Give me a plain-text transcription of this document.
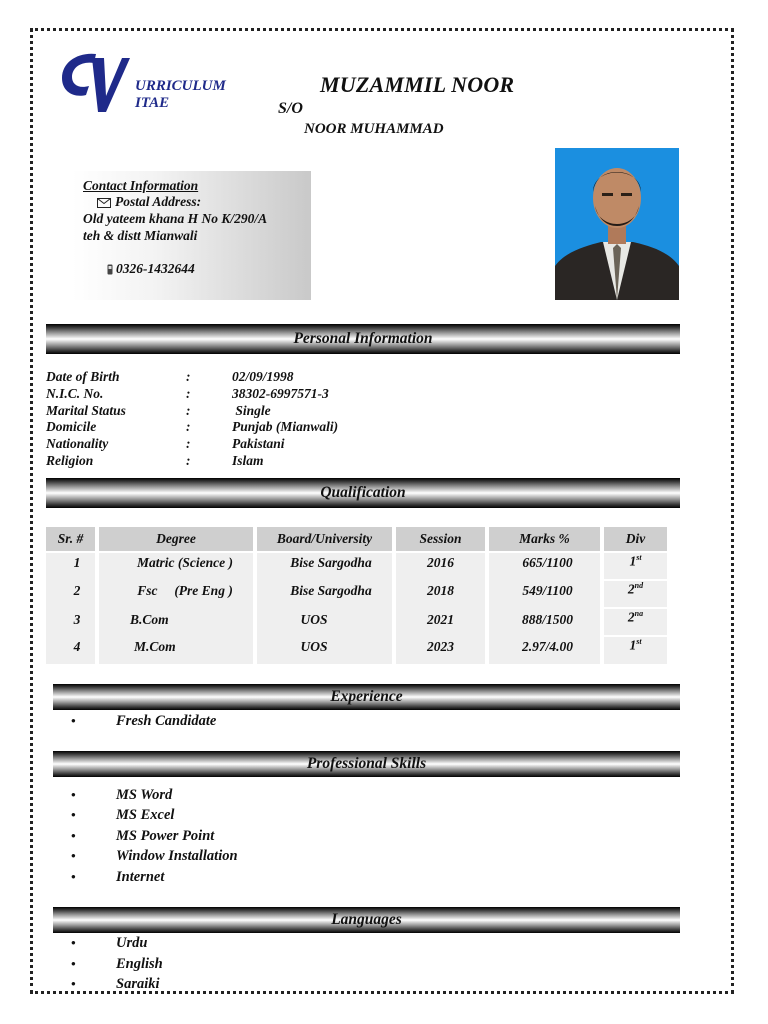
URRICULUM
ITAE
MUZAMMIL NOOR
S/O
NOOR MUHAMMAD
Contact Information
Postal Address:
Old yateem khana H No K/290/A
teh & distt Mianwali
0326-1432644
Personal Information
Date of Birth	:	02/09/1998
N.I.C. No.	:	38302-6997571-3
Marital Status	:	Single
Domicile	:	Punjab (Mianwali)
Nationality	:	Pakistani
Religion	:	Islam
Qualification
Sr. #	Degree	Board/University	Session	Marks %	Div
1	Matric (Science )	Bise Sargodha	2016	665/1100	1st
2	Fsc     (Pre Eng )	Bise Sargodha	2018	549/1100	2nd
3	B.Com	UOS	2021	888/1500	$2^{na}$
4	M.Com	UOS	2023	2.97/4.00	1st
Experience
•	Fresh Candidate
Professional Skills
•	MS Word
•	MS Excel
•	MS Power Point
•	Window Installation
•	Internet
Languages
•	Urdu
•	English
•	Saraiki
